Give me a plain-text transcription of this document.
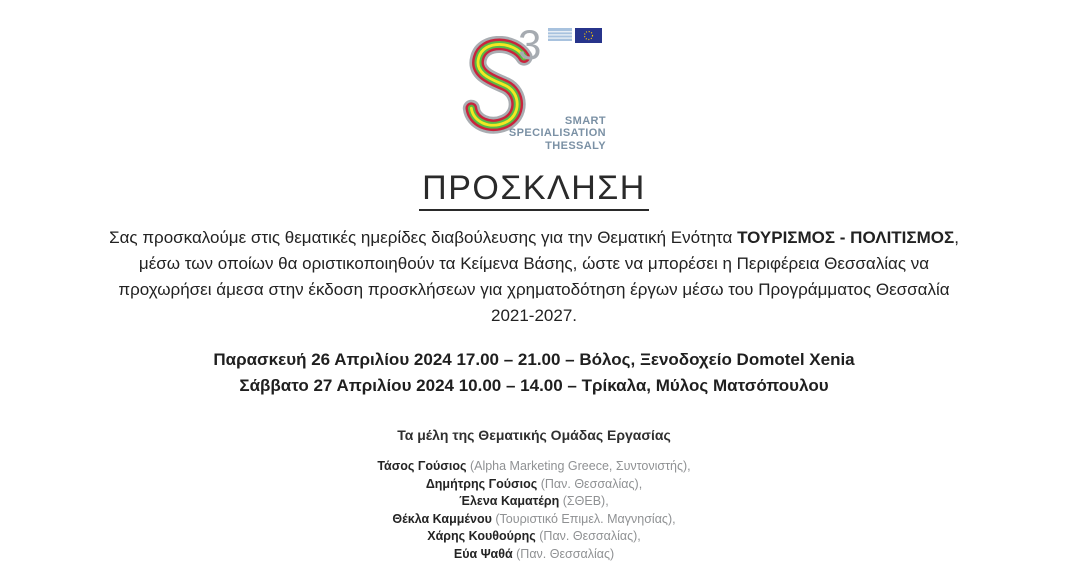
3
SMART
SPECIALISATION
THESSALY
ΠΡΟΣΚΛΗΣΗ
Σας προσκαλούμε στις θεματικές ημερίδες διαβούλευσης για την Θεματική Ενότητα ΤΟΥΡΙΣΜΟΣ - ΠΟΛΙΤΙΣΜΟΣ,
μέσω των οποίων θα οριστικοποιηθούν τα Κείμενα Βάσης, ώστε να μπορέσει η Περιφέρεια Θεσσαλίας να
προχωρήσει άμεσα στην έκδοση προσκλήσεων για χρηματοδότηση έργων μέσω του Προγράμματος Θεσσαλία
2021-2027.
Παρασκευή 26 Απριλίου 2024 17.00 – 21.00 – Βόλος, Ξενοδοχείο Domotel Xenia
Σάββατο 27 Απριλίου 2024 10.00 – 14.00 – Τρίκαλα, Μύλος Ματσόπουλου
Τα μέλη της Θεματικής Ομάδας Εργασίας
Τάσος Γούσιος (Alpha Marketing Greece, Συντονιστής),
Δημήτρης Γούσιος (Παν. Θεσσαλίας),
Έλενα Καματέρη (ΣΘΕΒ),
Θέκλα Καμμένου (Τουριστικό Επιμελ. Μαγνησίας),
Χάρης Κουθούρης (Παν. Θεσσαλίας),
Εύα Ψαθά (Παν. Θεσσαλίας)
